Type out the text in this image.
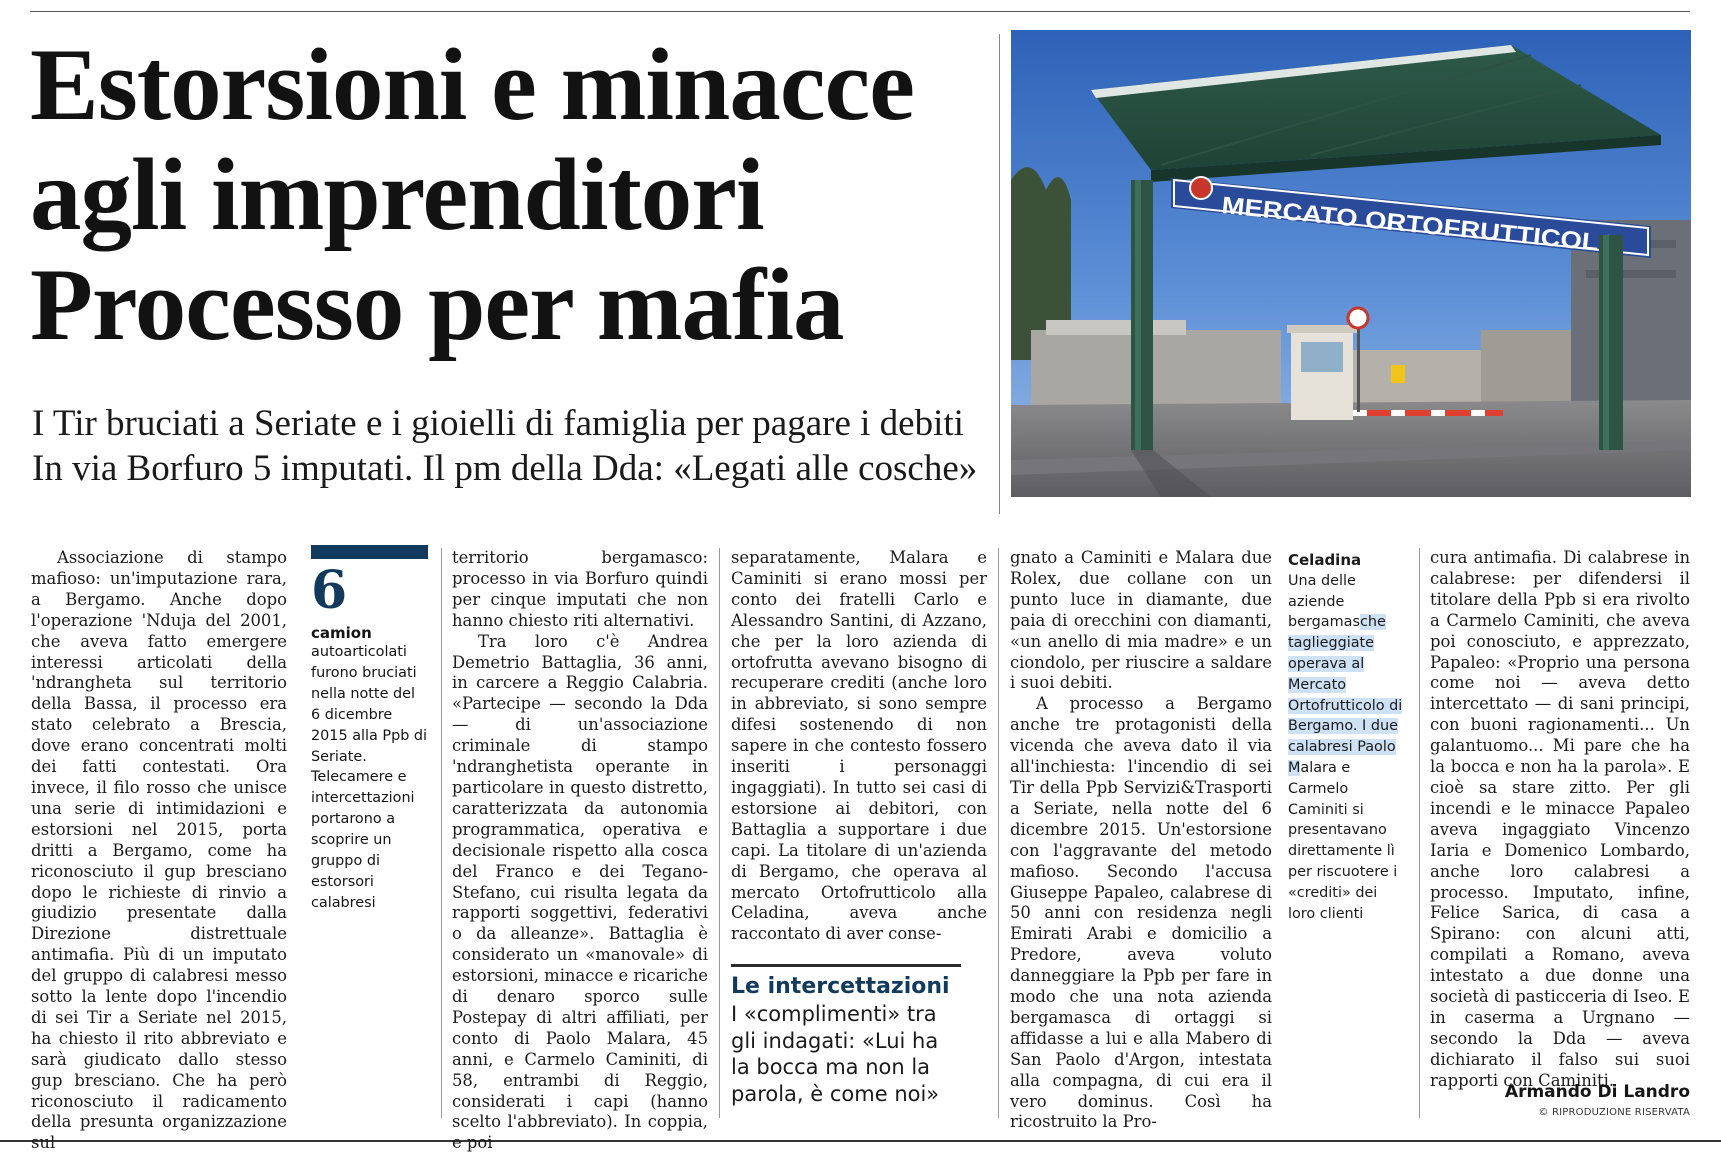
Estorsioni e minacce
agli imprenditori
Processo per mafia
I Tir bruciati a Seriate e i gioielli di famiglia per pagare i debiti
In via Borfuro 5 imputati. Il pm della Dda: «Legati alle cosche»
MERCATO ORTOFRUTTICOLO

Associazione di stampo mafioso: un'imputazione rara, a Bergamo. Anche dopo l'operazione 'Nduja del 2001, che aveva fatto emergere interessi articolati della 'ndrangheta sul territorio della Bassa, il processo era stato celebrato a Brescia, dove erano concentrati molti dei fatti contestati. Ora invece, il filo rosso che unisce una serie di intimidazioni e estorsioni nel 2015, porta dritti a Bergamo, come ha riconosciuto il gup bresciano dopo le richieste di rinvio a giudizio presentate dalla Direzione distrettuale antimafia. Più di un imputato del gruppo di calabresi messo sotto la lente dopo l'incendio di sei Tir a Seriate nel 2015, ha chiesto il rito abbreviato e sarà giudicato dallo stesso gup bresciano. Che ha però riconosciuto il radicamento della presunta organizzazione sul

6
camion
autoarticolati furono bruciati nella notte del 6 dicembre 2015 alla Ppb di Seriate. Telecamere e intercettazioni portarono a scoprire un gruppo di estorsori calabresi

territorio bergamasco: processo in via Borfuro quindi per cinque imputati che non hanno chiesto riti alternativi.

Tra loro c'è Andrea Demetrio Battaglia, 36 anni, in carcere a Reggio Calabria. «Partecipe — secondo la Dda — di un'associazione criminale di stampo 'ndranghetista operante in particolare in questo distretto, caratterizzata da autonomia programmatica, operativa e decisionale rispetto alla cosca del Franco e dei Tegano-Stefano, cui risulta legata da rapporti soggettivi, federativi o da alleanze». Battaglia è considerato un «manovale» di estorsioni, minacce e ricariche di denaro sporco sulle Postepay di altri affiliati, per conto di Paolo Malara, 45 anni, e Carmelo Caminiti, di 58, entrambi di Reggio, considerati i capi (hanno scelto l'abbreviato). In coppia, e poi

separatamente, Malara e Caminiti si erano mossi per conto dei fratelli Carlo e Alessandro Santini, di Azzano, che per la loro azienda di ortofrutta avevano bisogno di recuperare crediti (anche loro in abbreviato, si sono sempre difesi sostenendo di non sapere in che contesto fossero inseriti i personaggi ingaggiati). In tutto sei casi di estorsione ai debitori, con Battaglia a supportare i due capi. La titolare di un'azienda di Bergamo, che operava al mercato Ortofrutticolo alla Celadina, aveva anche raccontato di aver conse-

Le intercettazioni
I «complimenti» tra gli indagati: «Lui ha la bocca ma non la parola, è come noi»

gnato a Caminiti e Malara due Rolex, due collane con un punto luce in diamante, due paia di orecchini con diamanti, «un anello di mia madre» e un ciondolo, per riuscire a saldare i suoi debiti.

A processo a Bergamo anche tre protagonisti della vicenda che aveva dato il via all'inchiesta: l'incendio di sei Tir della Ppb Servizi&Trasporti a Seriate, nella notte del 6 dicembre 2015. Un'estorsione con l'aggravante del metodo mafioso. Secondo l'accusa Giuseppe Papaleo, calabrese di 50 anni con residenza negli Emirati Arabi e domicilio a Predore, aveva voluto danneggiare la Ppb per fare in modo che una nota azienda bergamasca di ortaggi si affidasse a lui e alla Mabero di San Paolo d'Argon, intestata alla compagna, di cui era il vero dominus. Così ha ricostruito la Pro-

Celadina
Una delle aziende bergamasche taglieggiate operava al Mercato Ortofrutticolo di Bergamo. I due calabresi Paolo Malara e Carmelo Caminiti si presentavano direttamente lì per riscuotere i «crediti» dei loro clienti

cura antimafia. Di calabrese in calabrese: per difendersi il titolare della Ppb si era rivolto a Carmelo Caminiti, che aveva poi conosciuto, e apprezzato, Papaleo: «Proprio una persona come noi — aveva detto intercettato — di sani principi, con buoni ragionamenti... Un galantuomo... Mi pare che ha la bocca e non ha la parola». E cioè sa stare zitto. Per gli incendi e le minacce Papaleo aveva ingaggiato Vincenzo Iaria e Domenico Lombardo, anche loro calabresi a processo. Imputato, infine, Felice Sarica, di casa a Spirano: con alcuni atti, compilati a Romano, aveva intestato a due donne una società di pasticceria di Iseo. E in caserma a Urgnano — secondo la Dda — aveva dichiarato il falso sui suoi rapporti con Caminiti.

Armando Di Landro
© RIPRODUZIONE RISERVATA
